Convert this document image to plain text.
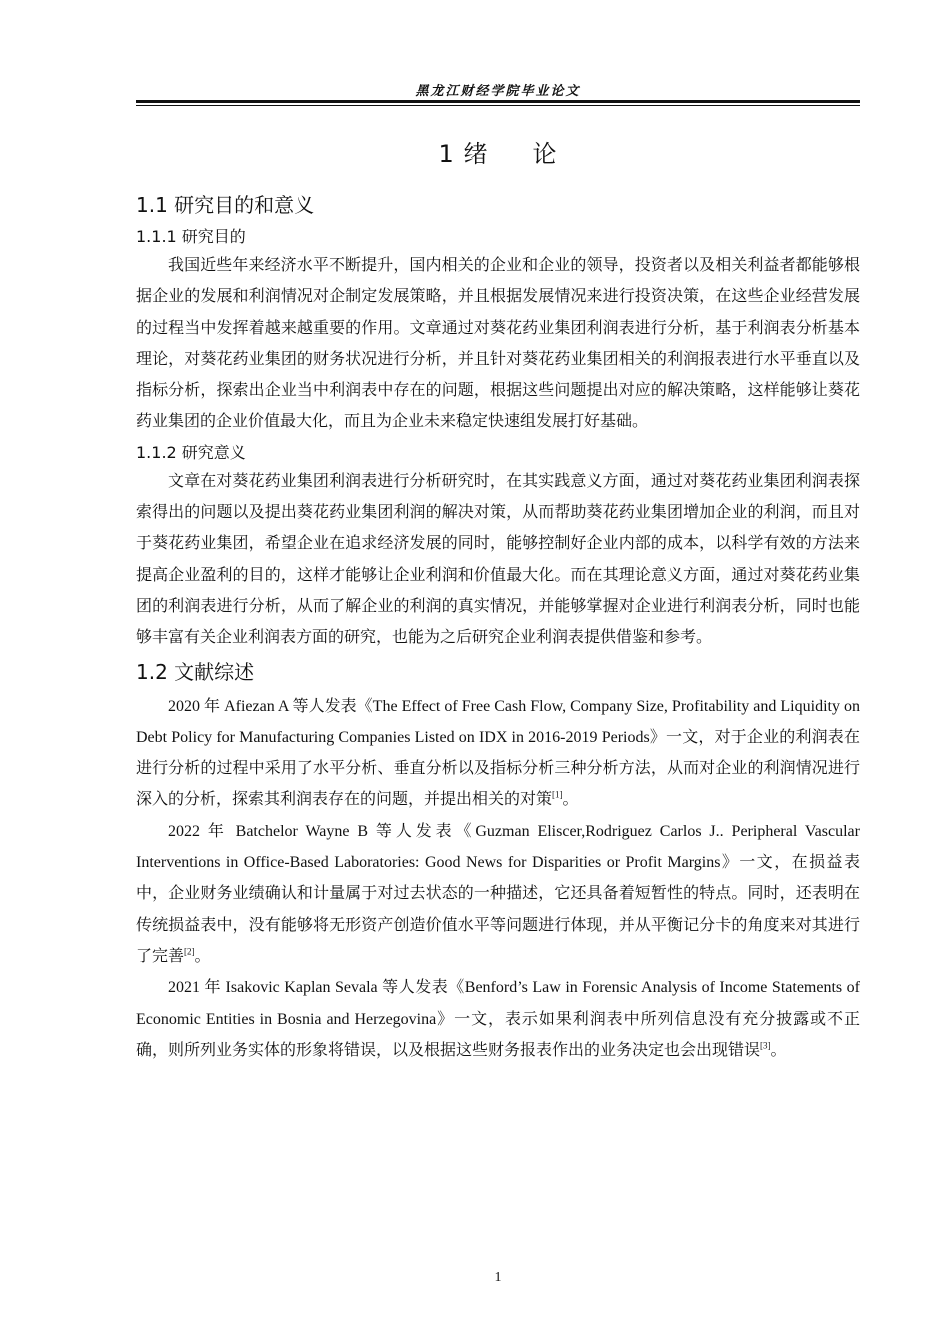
黑龙江财经学院毕业论文
1 绪 论
1.1 研究目的和意义
1.1.1 研究目的

我国近些年来经济水平不断提升，国内相关的企业和企业的领导，投资者以及相关利益者都能够根据企业的发展和利润情况对企制定发展策略，并且根据发展情况来进行投资决策，在这些企业经营发展的过程当中发挥着越来越重要的作用。文章通过对葵花药业集团利润表进行分析，基于利润表分析基本理论，对葵花药业集团的财务状况进行分析，并且针对葵花药业集团相关的利润报表进行水平垂直以及指标分析，探索出企业当中利润表中存在的问题，根据这些问题提出对应的解决策略，这样能够让葵花药业集团的企业价值最大化，而且为企业未来稳定快速组发展打好基础。

1.1.2 研究意义

文章在对葵花药业集团利润表进行分析研究时，在其实践意义方面，通过对葵花药业集团利润表探索得出的问题以及提出葵花药业集团利润的解决对策，从而帮助葵花药业集团增加企业的利润，而且对于葵花药业集团，希望企业在追求经济发展的同时，能够控制好企业内部的成本，以科学有效的方法来提高企业盈利的目的，这样才能够让企业利润和价值最大化。而在其理论意义方面，通过对葵花药业集团的利润表进行分析，从而了解企业的利润的真实情况，并能够掌握对企业进行利润表分析，同时也能够丰富有关企业利润表方面的研究，也能为之后研究企业利润表提供借鉴和参考。

1.2 文献综述

2020 年 Afiezan A 等人发表《The Effect of Free Cash Flow, Company Size, Profitability and Liquidity on Debt Policy for Manufacturing Companies Listed on IDX in 2016-2019 Periods》一文，对于企业的利润表在进行分析的过程中采用了水平分析、垂直分析以及指标分析三种分析方法，从而对企业的利润情况进行深入的分析，探索其利润表存在的问题，并提出相关的对策[1]。

2022 年 Batchelor Wayne B 等人发表《Guzman Eliscer,Rodriguez Carlos J.. Peripheral Vascular Interventions in Office-Based Laboratories: Good News for Disparities or Profit Margins》一文，在损益表中，企业财务业绩确认和计量属于对过去状态的一种描述，它还具备着短暂性的特点。同时，还表明在传统损益表中，没有能够将无形资产创造价值水平等问题进行体现，并从平衡记分卡的角度来对其进行了完善[2]。

2021 年 Isakovic Kaplan Sevala 等人发表《Benford’s Law in Forensic Analysis of Income Statements of Economic Entities in Bosnia and Herzegovina》一文，表示如果利润表中所列信息没有充分披露或不正确，则所列业务实体的形象将错误，以及根据这些财务报表作出的业务决定也会出现错误[3]。

1
